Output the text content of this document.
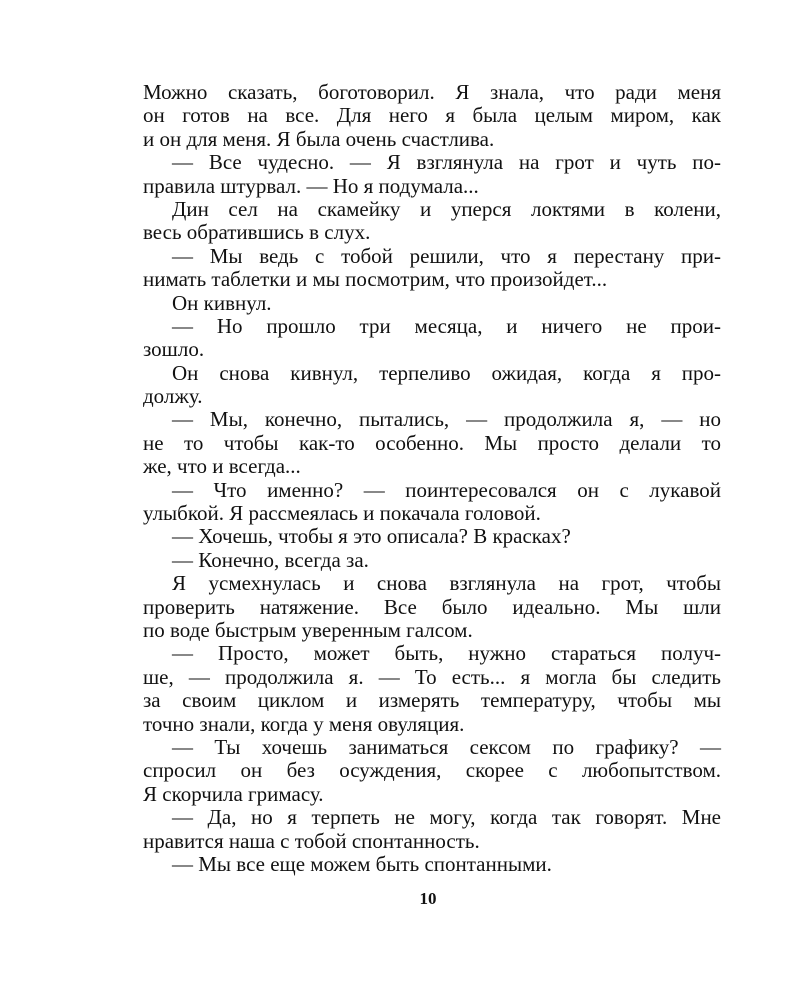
Можно сказать, боготоворил. Я знала, что ради меня
он готов на все. Для него я была целым миром, как
и он для меня. Я была очень счастлива.
— Все чудесно. — Я взглянула на грот и чуть по-
правила штурвал. — Но я подумала...
Дин сел на скамейку и уперся локтями в колени,
весь обратившись в слух.
— Мы ведь с тобой решили, что я перестану при-
нимать таблетки и мы посмотрим, что произойдет...
Он кивнул.
— Но прошло три месяца, и ничего не прои-
зошло.
Он снова кивнул, терпеливо ожидая, когда я про-
должу.
— Мы, конечно, пытались, — продолжила я, — но
не то чтобы как-то особенно. Мы просто делали то
же, что и всегда...
— Что именно? — поинтересовался он с лукавой
улыбкой. Я рассмеялась и покачала головой.
— Хочешь, чтобы я это описала? В красках?
— Конечно, всегда за.
Я усмехнулась и снова взглянула на грот, чтобы
проверить натяжение. Все было идеально. Мы шли
по воде быстрым уверенным галсом.
— Просто, может быть, нужно стараться получ-
ше, — продолжила я. — То есть... я могла бы следить
за своим циклом и измерять температуру, чтобы мы
точно знали, когда у меня овуляция.
— Ты хочешь заниматься сексом по графику? —
спросил он без осуждения, скорее с любопытством.
Я скорчила гримасу.
— Да, но я терпеть не могу, когда так говорят. Мне
нравится наша с тобой спонтанность.
— Мы все еще можем быть спонтанными.
10
